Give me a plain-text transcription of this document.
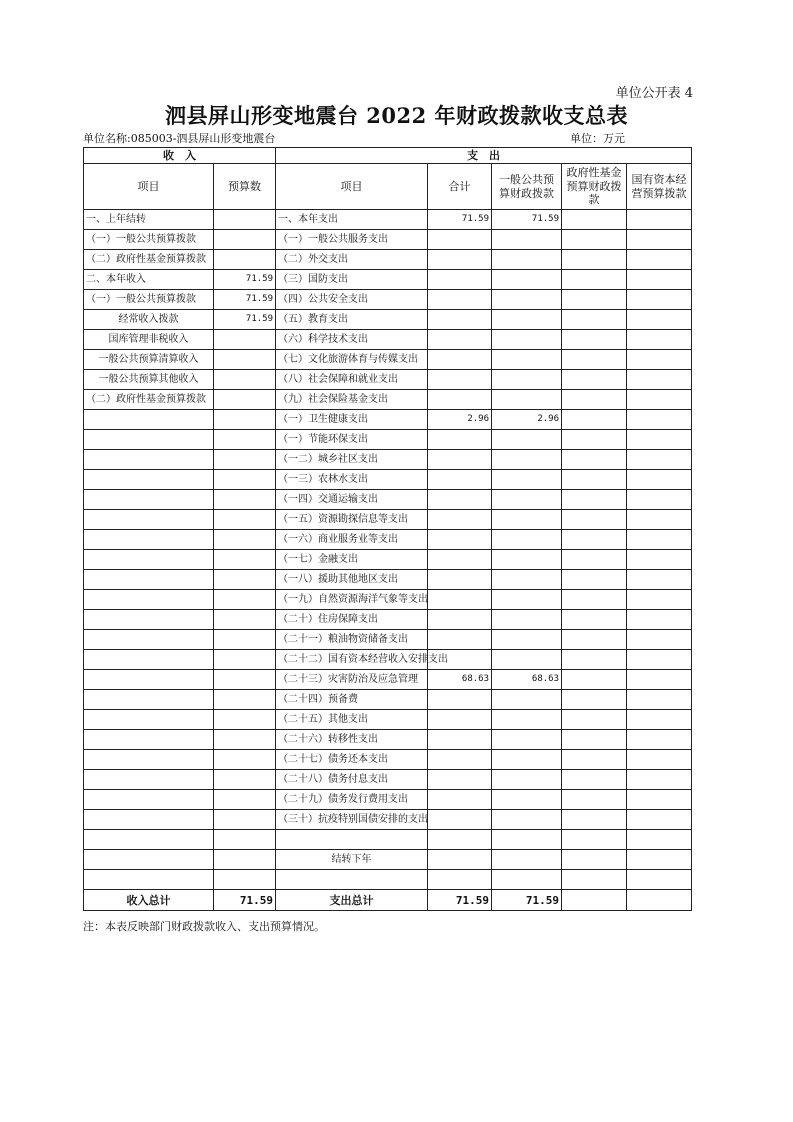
单位公开表 4
泗县屏山形变地震台 2022 年财政拨款收支总表
单位名称:085003-泗县屏山形变地震台	单位：万元
收　入		支　出				
项目	预算数	项目	合计	一般公共预算财政拨款	政府性基金预算财政拨款	国有资本经营预算拨款
一、上年结转		一、本年支出	71.59	71.59		
（一）一般公共预算拨款		（一）一般公共服务支出				
（二）政府性基金预算拨款		（二）外交支出				
二、本年收入	71.59	（三）国防支出				
（一）一般公共预算拨款	71.59	（四）公共安全支出				
经常收入拨款	71.59	（五）教育支出				
国库管理非税收入		（六）科学技术支出				
一般公共预算清算收入		（七）文化旅游体育与传媒支出				
一般公共预算其他收入		（八）社会保障和就业支出				
（二）政府性基金预算拨款		（九）社会保险基金支出				
		（一）卫生健康支出	2.96	2.96		
		（一）节能环保支出				
		（一二）城乡社区支出				
		（一三）农林水支出				
		（一四）交通运输支出				
		（一五）资源勘探信息等支出				
		（一六）商业服务业等支出				
		（一七）金融支出				
		（一八）援助其他地区支出				
		（一九）自然资源海洋气象等支出				
		（二十）住房保障支出				
		（二十一）粮油物资储备支出				
		（二十二）国有资本经营收入安排支出				
		（二十三）灾害防治及应急管理	68.63	68.63		
		（二十四）预备费				
		（二十五）其他支出				
		（二十六）转移性支出				
		（二十七）债务还本支出				
		（二十八）债务付息支出				
		（二十九）债务发行费用支出				
		（三十）抗疫特别国债安排的支出				

		结转下年				

收入总计	71.59	支出总计	71.59	71.59		
注：本表反映部门财政拨款收入、支出预算情况。
